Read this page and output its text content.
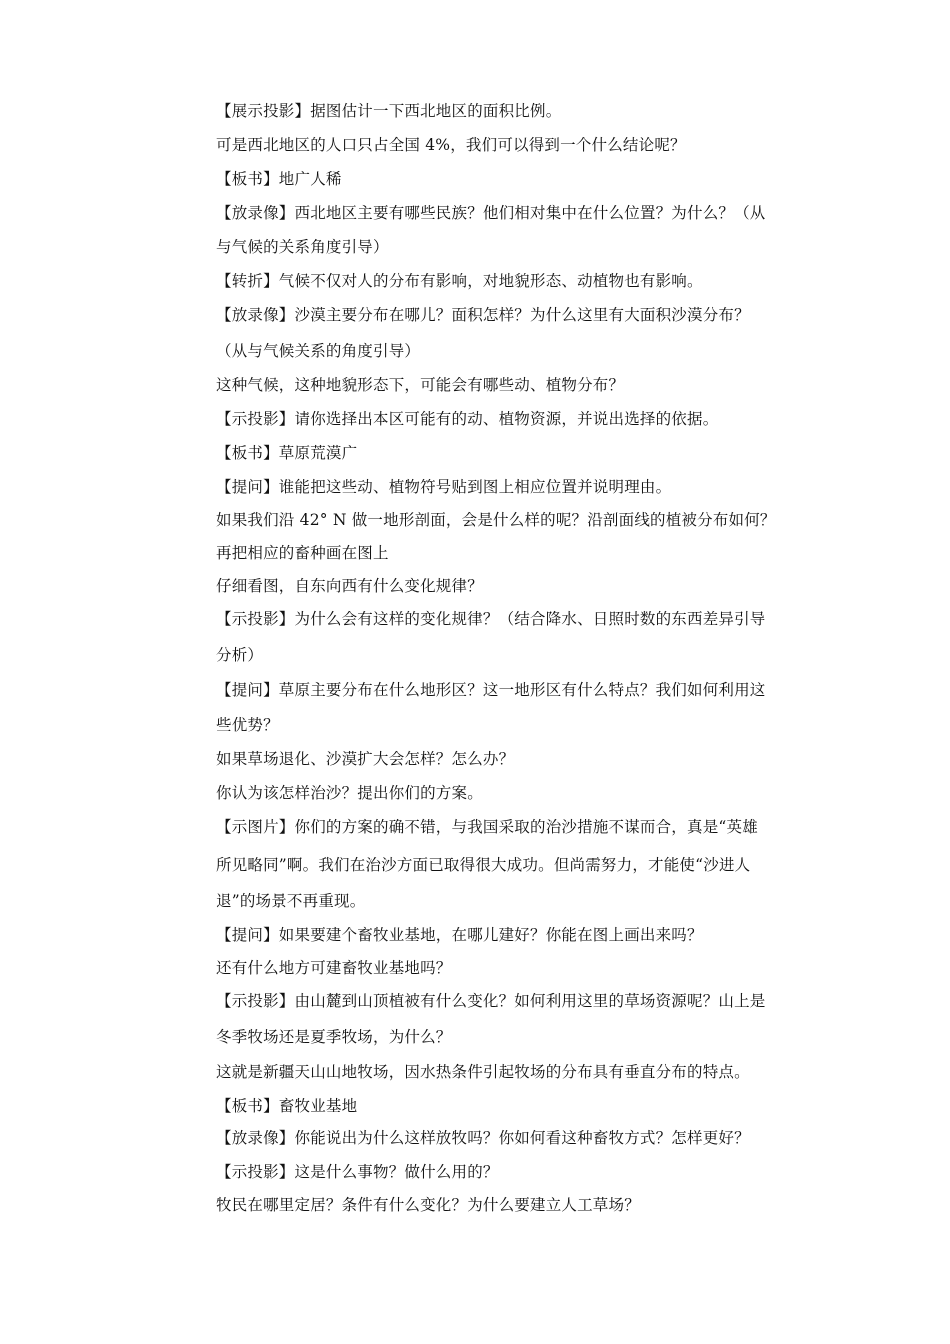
【展示投影】据图估计一下西北地区的面积比例。
可是西北地区的人口只占全国 4%，我们可以得到一个什么结论呢？
【板书】地广人稀
【放录像】西北地区主要有哪些民族？他们相对集中在什么位置？为什么？（从
与气候的关系角度引导）
【转折】气候不仅对人的分布有影响，对地貌形态、动植物也有影响。
【放录像】沙漠主要分布在哪儿？面积怎样？为什么这里有大面积沙漠分布？
（从与气候关系的角度引导）
这种气候，这种地貌形态下，可能会有哪些动、植物分布？
【示投影】请你选择出本区可能有的动、植物资源，并说出选择的依据。
【板书】草原荒漠广
【提问】谁能把这些动、植物符号贴到图上相应位置并说明理由。
如果我们沿 42° N 做一地形剖面，会是什么样的呢？沿剖面线的植被分布如何？
再把相应的畜种画在图上
仔细看图，自东向西有什么变化规律？
【示投影】为什么会有这样的变化规律？（结合降水、日照时数的东西差异引导
分析）
【提问】草原主要分布在什么地形区？这一地形区有什么特点？我们如何利用这
些优势？
如果草场退化、沙漠扩大会怎样？怎么办？
你认为该怎样治沙？提出你们的方案。
【示图片】你们的方案的确不错，与我国采取的治沙措施不谋而合，真是“英雄
所见略同”啊。我们在治沙方面已取得很大成功。但尚需努力，才能使“沙进人
退”的场景不再重现。
【提问】如果要建个畜牧业基地，在哪儿建好？你能在图上画出来吗？
还有什么地方可建畜牧业基地吗？
【示投影】由山麓到山顶植被有什么变化？如何利用这里的草场资源呢？山上是
冬季牧场还是夏季牧场，为什么？
这就是新疆天山山地牧场，因水热条件引起牧场的分布具有垂直分布的特点。
【板书】畜牧业基地
【放录像】你能说出为什么这样放牧吗？你如何看这种畜牧方式？怎样更好？
【示投影】这是什么事物？做什么用的？
牧民在哪里定居？条件有什么变化？为什么要建立人工草场？
